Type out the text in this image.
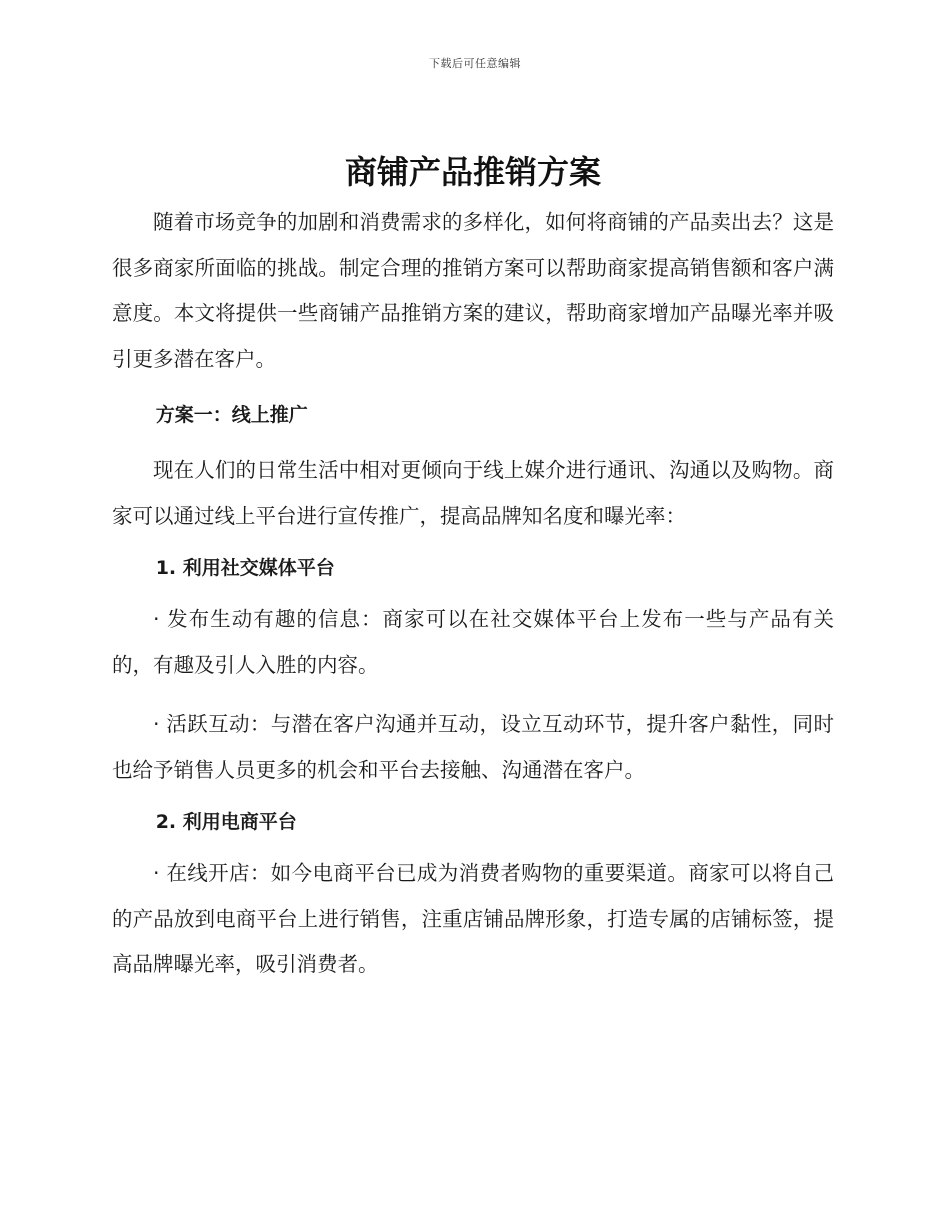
下载后可任意编辑
商铺产品推销方案

随着市场竞争的加剧和消费需求的多样化，如何将商铺的产品卖出去？这是很多商家所面临的挑战。制定合理的推销方案可以帮助商家提高销售额和客户满意度。本文将提供一些商铺产品推销方案的建议，帮助商家增加产品曝光率并吸引更多潜在客户。

方案一：线上推广

现在人们的日常生活中相对更倾向于线上媒介进行通讯、沟通以及购物。商家可以通过线上平台进行宣传推广，提高品牌知名度和曝光率：

1. 利用社交媒体平台

· 发布生动有趣的信息：商家可以在社交媒体平台上发布一些与产品有关的，有趣及引人入胜的内容。

· 活跃互动：与潜在客户沟通并互动，设立互动环节，提升客户黏性，同时也给予销售人员更多的机会和平台去接触、沟通潜在客户。

2. 利用电商平台

· 在线开店：如今电商平台已成为消费者购物的重要渠道。商家可以将自己的产品放到电商平台上进行销售，注重店铺品牌形象，打造专属的店铺标签，提高品牌曝光率，吸引消费者。
